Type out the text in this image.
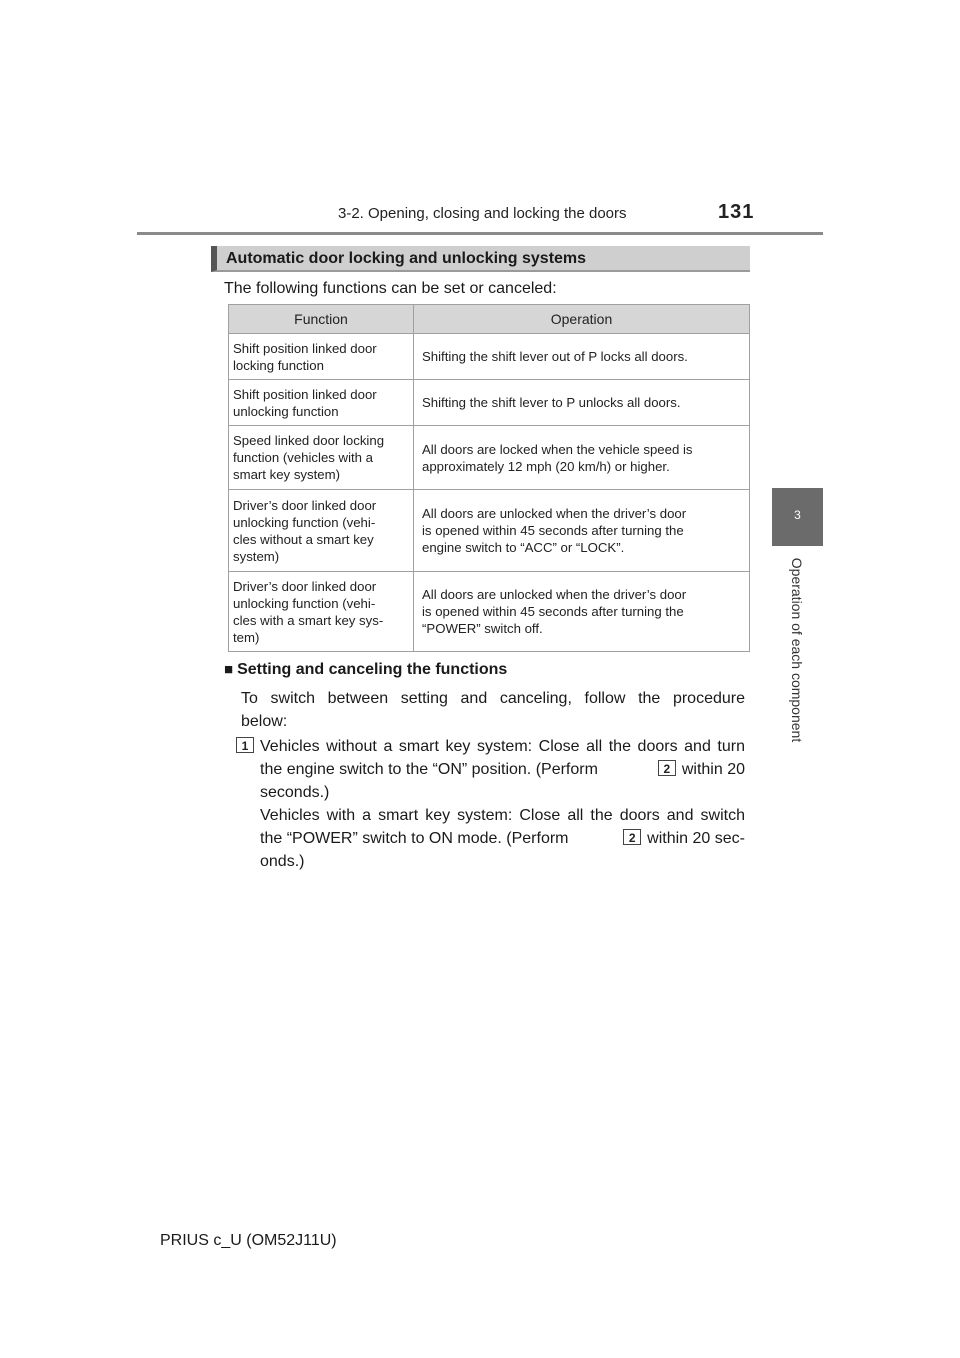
3-2. Opening, closing and locking the doors	131
3
Operation of each component
Automatic door locking and unlocking systems
The following functions can be set or canceled:
Function	Operation
Shift position linked door
locking function	Shifting the shift lever out of P locks all doors.
Shift position linked door
unlocking function	Shifting the shift lever to P unlocks all doors.
Speed linked door locking
function (vehicles with a
smart key system)	All doors are locked when the vehicle speed is
approximately 12 mph (20 km/h) or higher.
Driver’s door linked door
unlocking function (vehi-
cles without a smart key
system)	All doors are unlocked when the driver’s door
is opened within 45 seconds after turning the
engine switch to “ACC” or “LOCK”.
Driver’s door linked door
unlocking function (vehi-
cles with a smart key sys-
tem)	All doors are unlocked when the driver’s door
is opened within 45 seconds after turning the
“POWER” switch off.
■ Setting and canceling the functions
To switch between setting and canceling, follow the procedure
below:
1 Vehicles without a smart key system: Close all the doors and turn
the engine switch to the “ON” position. (Perform	2 within 20
seconds.)
Vehicles with a smart key system: Close all the doors and switch
the “POWER” switch to ON mode. (Perform	2 within 20 sec-
onds.)
PRIUS c_U (OM52J11U)
